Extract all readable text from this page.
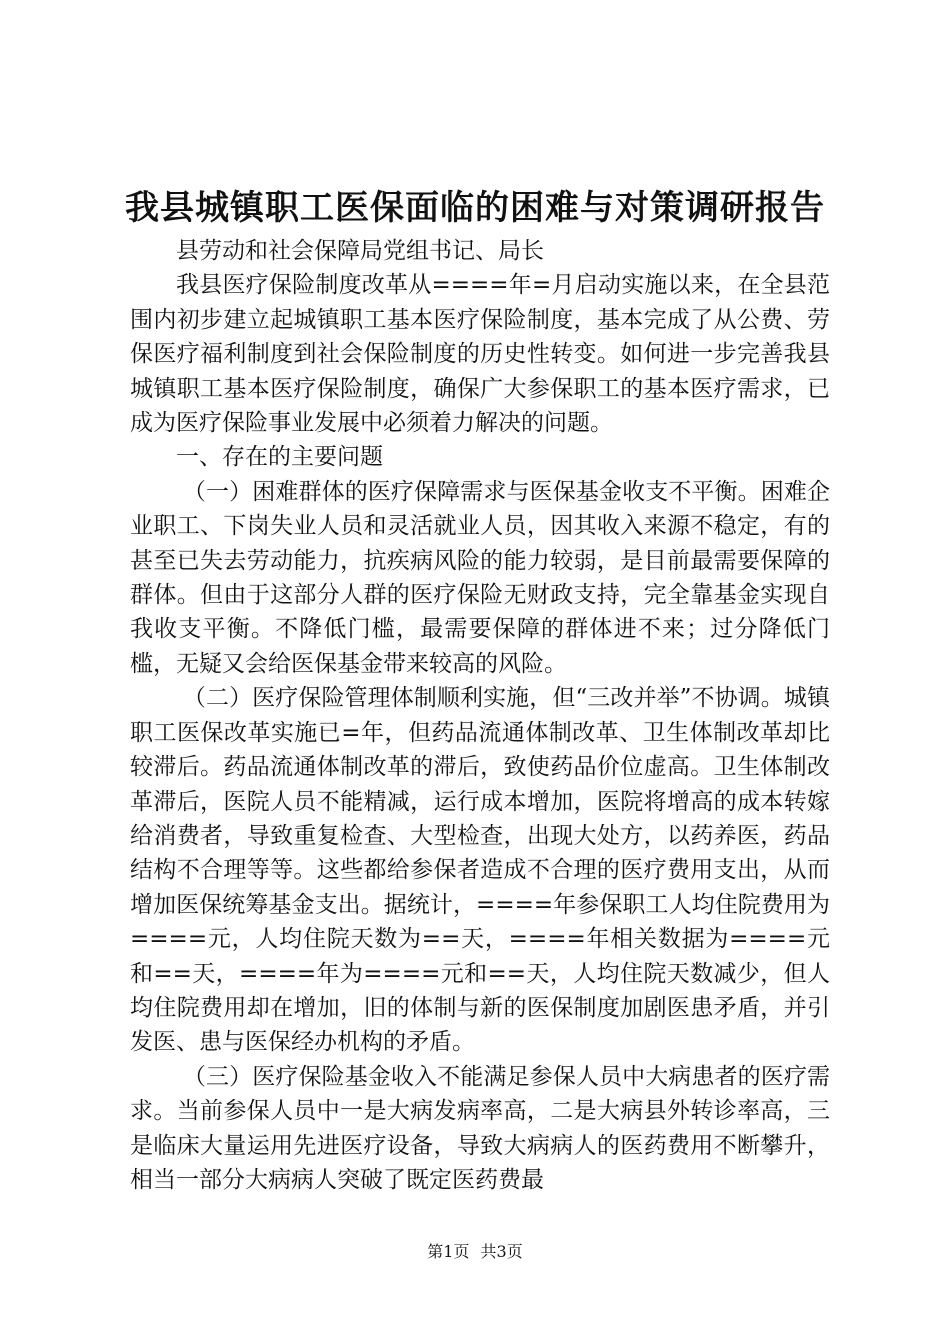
我县城镇职工医保面临的困难与对策调研报告

县劳动和社会保障局党组书记、局长

我县医疗保险制度改革从====年=月启动实施以来，在全县范围内初步建立起城镇职工基本医疗保险制度，基本完成了从公费、劳保医疗福利制度到社会保险制度的历史性转变。如何进一步完善我县城镇职工基本医疗保险制度，确保广大参保职工的基本医疗需求，已成为医疗保险事业发展中必须着力解决的问题。

一、存在的主要问题

（一）困难群体的医疗保障需求与医保基金收支不平衡。困难企业职工、下岗失业人员和灵活就业人员，因其收入来源不稳定，有的甚至已失去劳动能力，抗疾病风险的能力较弱，是目前最需要保障的群体。但由于这部分人群的医疗保险无财政支持，完全靠基金实现自我收支平衡。不降低门槛，最需要保障的群体进不来；过分降低门槛，无疑又会给医保基金带来较高的风险。

（二）医疗保险管理体制顺利实施，但“三改并举”不协调。城镇职工医保改革实施已=年，但药品流通体制改革、卫生体制改革却比较滞后。药品流通体制改革的滞后，致使药品价位虚高。卫生体制改革滞后，医院人员不能精减，运行成本增加，医院将增高的成本转嫁给消费者，导致重复检查、大型检查，出现大处方，以药养医，药品结构不合理等等。这些都给参保者造成不合理的医疗费用支出，从而增加医保统筹基金支出。据统计，====年参保职工人均住院费用为====元，人均住院天数为==天，====年相关数据为====元和==天，====年为====元和==天，人均住院天数减少，但人均住院费用却在增加，旧的体制与新的医保制度加剧医患矛盾，并引发医、患与医保经办机构的矛盾。

（三）医疗保险基金收入不能满足参保人员中大病患者的医疗需求。当前参保人员中一是大病发病率高，二是大病县外转诊率高，三是临床大量运用先进医疗设备，导致大病病人的医药费用不断攀升，相当一部分大病病人突破了既定医药费最

第1页 共3页
